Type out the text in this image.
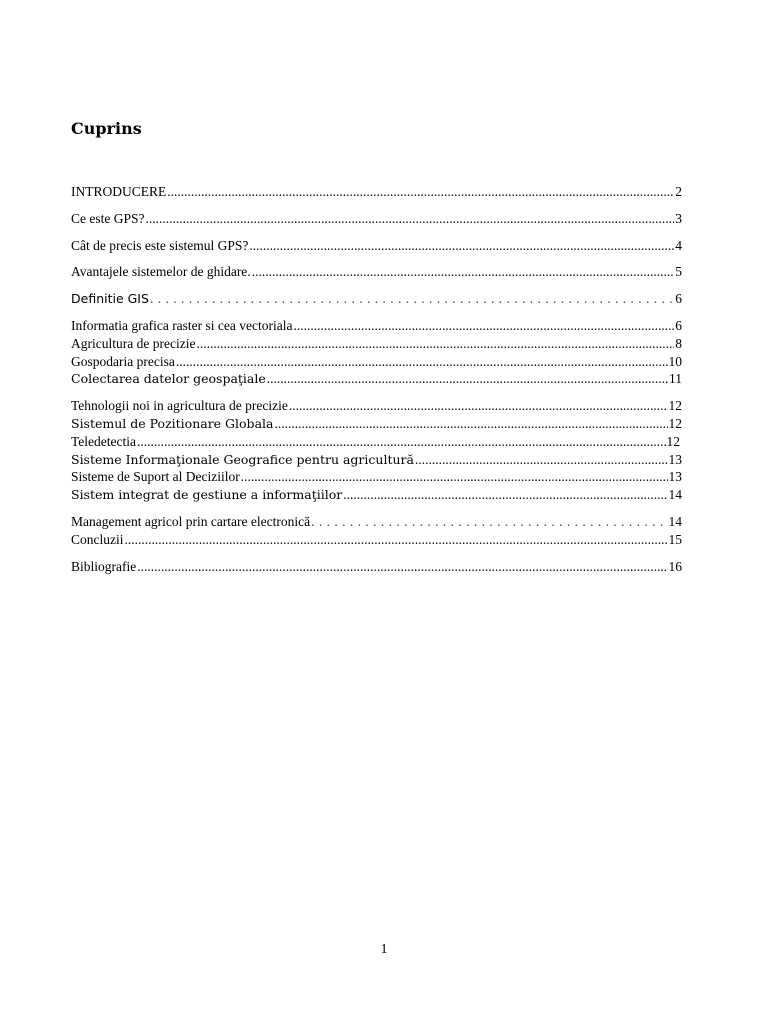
Cuprins
INTRODUCERE .....	2
Ce este GPS? .....	3
Cât de precis este sistemul GPS? .....	4
Avantajele sistemelor de ghidare. .....	5
Definitie GIS . . .	6
Informatia grafica raster si cea vectoriala .....	6
Agricultura de precizie .....	8
Gospodaria precisa .....	10
Colectarea datelor geospaţiale .....	11
Tehnologii noi in agricultura de precizie .....	12
Sistemul de Pozitionare Globala .....	12
Teledetectia .....	12
Sisteme Informaţionale Geografice pentru agricultură .....	13
Sisteme de Suport al Deciziilor .....	13
Sistem integrat de gestiune a informaţiilor .....	14
Management agricol prin cartare electronică . . .	14
Concluzii .....	15
Bibliografie .....	16
1
